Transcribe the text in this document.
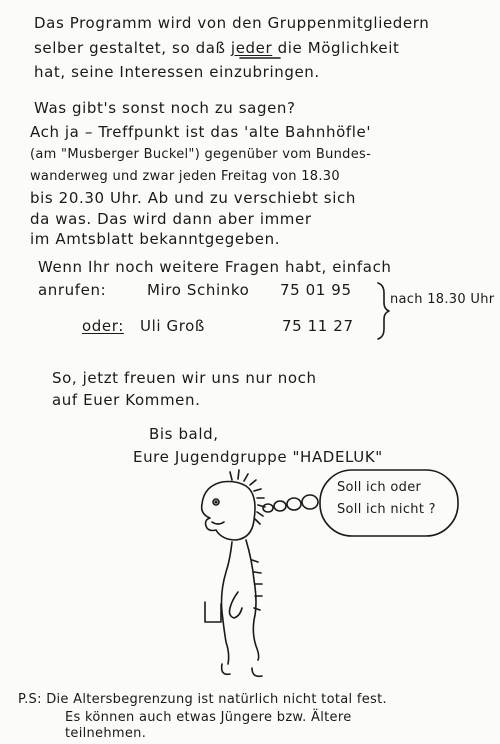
Das Programm wird von den Gruppenmitgliedern
selber gestaltet, so daß jeder die Möglichkeit
hat, seine Interessen einzubringen.
Was gibt's sonst noch zu sagen?
Ach ja – Treffpunkt ist das 'alte Bahnhöfle'
(am "Musberger Buckel") gegenüber vom Bundes-
wanderweg und zwar jeden Freitag von 18.30
bis 20.30 Uhr. Ab und zu verschiebt sich
da was. Das wird dann aber immer
im Amtsblatt bekanntgegeben.
Wenn Ihr noch weitere Fragen habt, einfach
anrufen:	Miro Schinko 75 01 95
nach 18.30 Uhr
oder: Uli Groß	75 11 27
So, jetzt freuen wir uns nur noch
auf Euer Kommen.
Bis bald,
Eure Jugendgruppe "HADELUK"
Soll ich oder
Soll ich nicht ?
P.S: Die Altersbegrenzung ist natürlich nicht total fest.
Es können auch etwas Jüngere bzw. Ältere
teilnehmen.
